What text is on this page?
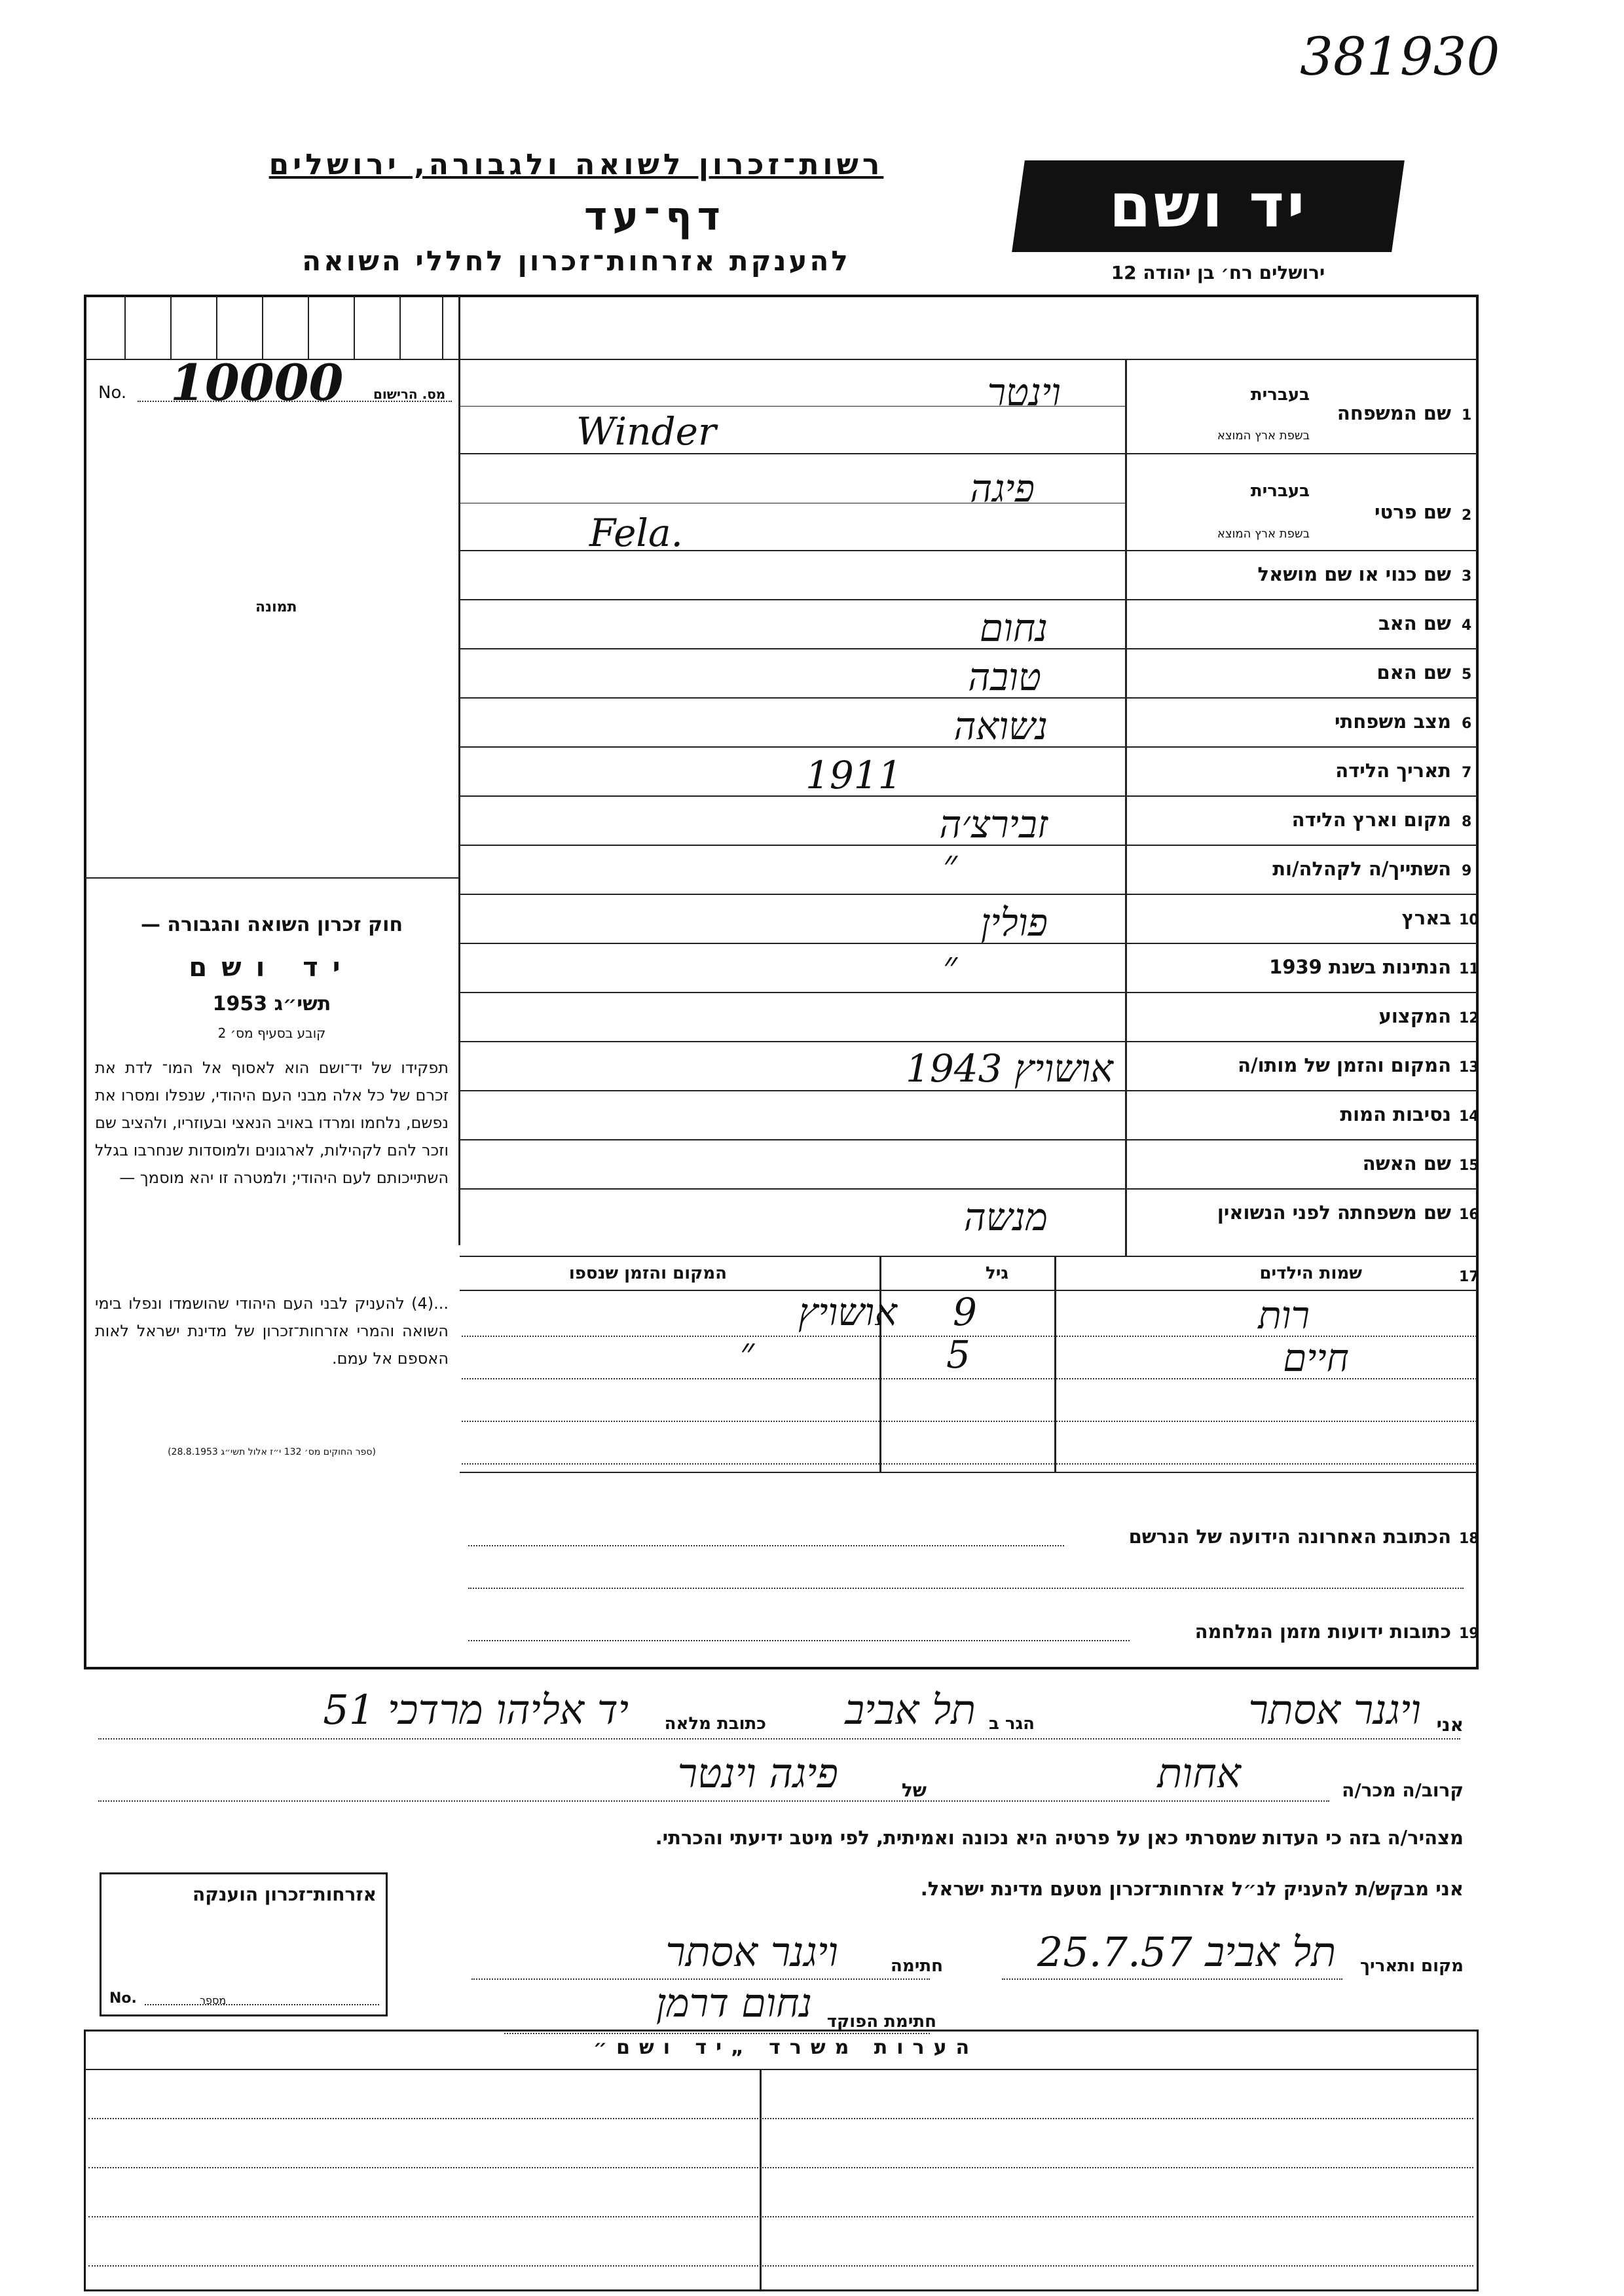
381930
רשות־זכרון לשואה ולגבורה, ירושלים
דף־עד
להענקת אזרחות־זכרון לחללי השואה
יד ושם
ירושלים רח׳ בן יהודה 12
No. 10000 מס. הרישום
תמונה
חוק זכרון השואה והגבורה —
יד ושם
תשי״ג 1953
קובע בסעיף מס׳ 2
תפקידו של יד־ושם הוא לאסוף אל המו־ לדת את זכרם של כל אלה מבני העם היהודי, שנפלו ומסרו את נפשם, נלחמו ומרדו באויב הנאצי ובעוזריו, ולהציב שם וזכר להם לקהילות, לארגונים ולמוסדות שנחרבו בגלל השתייכותם לעם היהודי; ולמטרה זו יהא מוסמך —
...(4) להעניק לבני העם היהודי שהושמדו ונפלו בימי השואה והמרי אזרחות־זכרון של מדינת ישראל לאות האספם אל עמם.
(ספר החוקים מס׳ 132 י״ז אלול תשי״ג 28.8.1953)
1
שם המשפחה
בעברית
בשפת ארץ המוצא
וינטר
Winder
2
שם פרטי
בעברית
בשפת ארץ המוצא
פיגה
Fela.
3
שם כנוי או שם מושאל
4
שם האב
נחום
5
שם האם
טובה
6
מצב משפחתי
נשואה
7
תאריך הלידה
1911
8
מקום וארץ הלידה
זבירצ׳ה
9
השתייך/ה לקהלה/ות
״
10
בארץ
פולין
11
הנתינות בשנת 1939
״
12
המקצוע
13
המקום והזמן של מותו/ה
אושויץ 1943
14
נסיבות המות
15
שם האשה
16
שם משפחתה לפני הנשואין
מנשה
17
שמות הילדים
גיל
המקום והזמן שנספו
רות
9
אושויץ
חיים
5
״
18
הכתובת האחרונה הידועה של הנרשם
19
כתובות ידועות מזמן המלחמה
אני
ויגנר אסתר
הגר ב
תל אביב
כתובת מלאה
יד אליהו מרדכי 51
קרוב/ה מכר/ה
אחות
של
פיגה וינטר
מצהיר/ה בזה כי העדות שמסרתי כאן על פרטיה היא נכונה ואמיתית, לפי מיטב ידיעתי והכרתי.
אני מבקש/ת להעניק לנ״ל אזרחות־זכרון מטעם מדינת ישראל.
מקום ותאריך
תל אביב 25.7.57
חתימה
ויגנר אסתר
חתימת הפוקד
נחום דרמן
אזרחות־זכרון הוענקה
No.	מספר
הערות משרד „יד ושם״
